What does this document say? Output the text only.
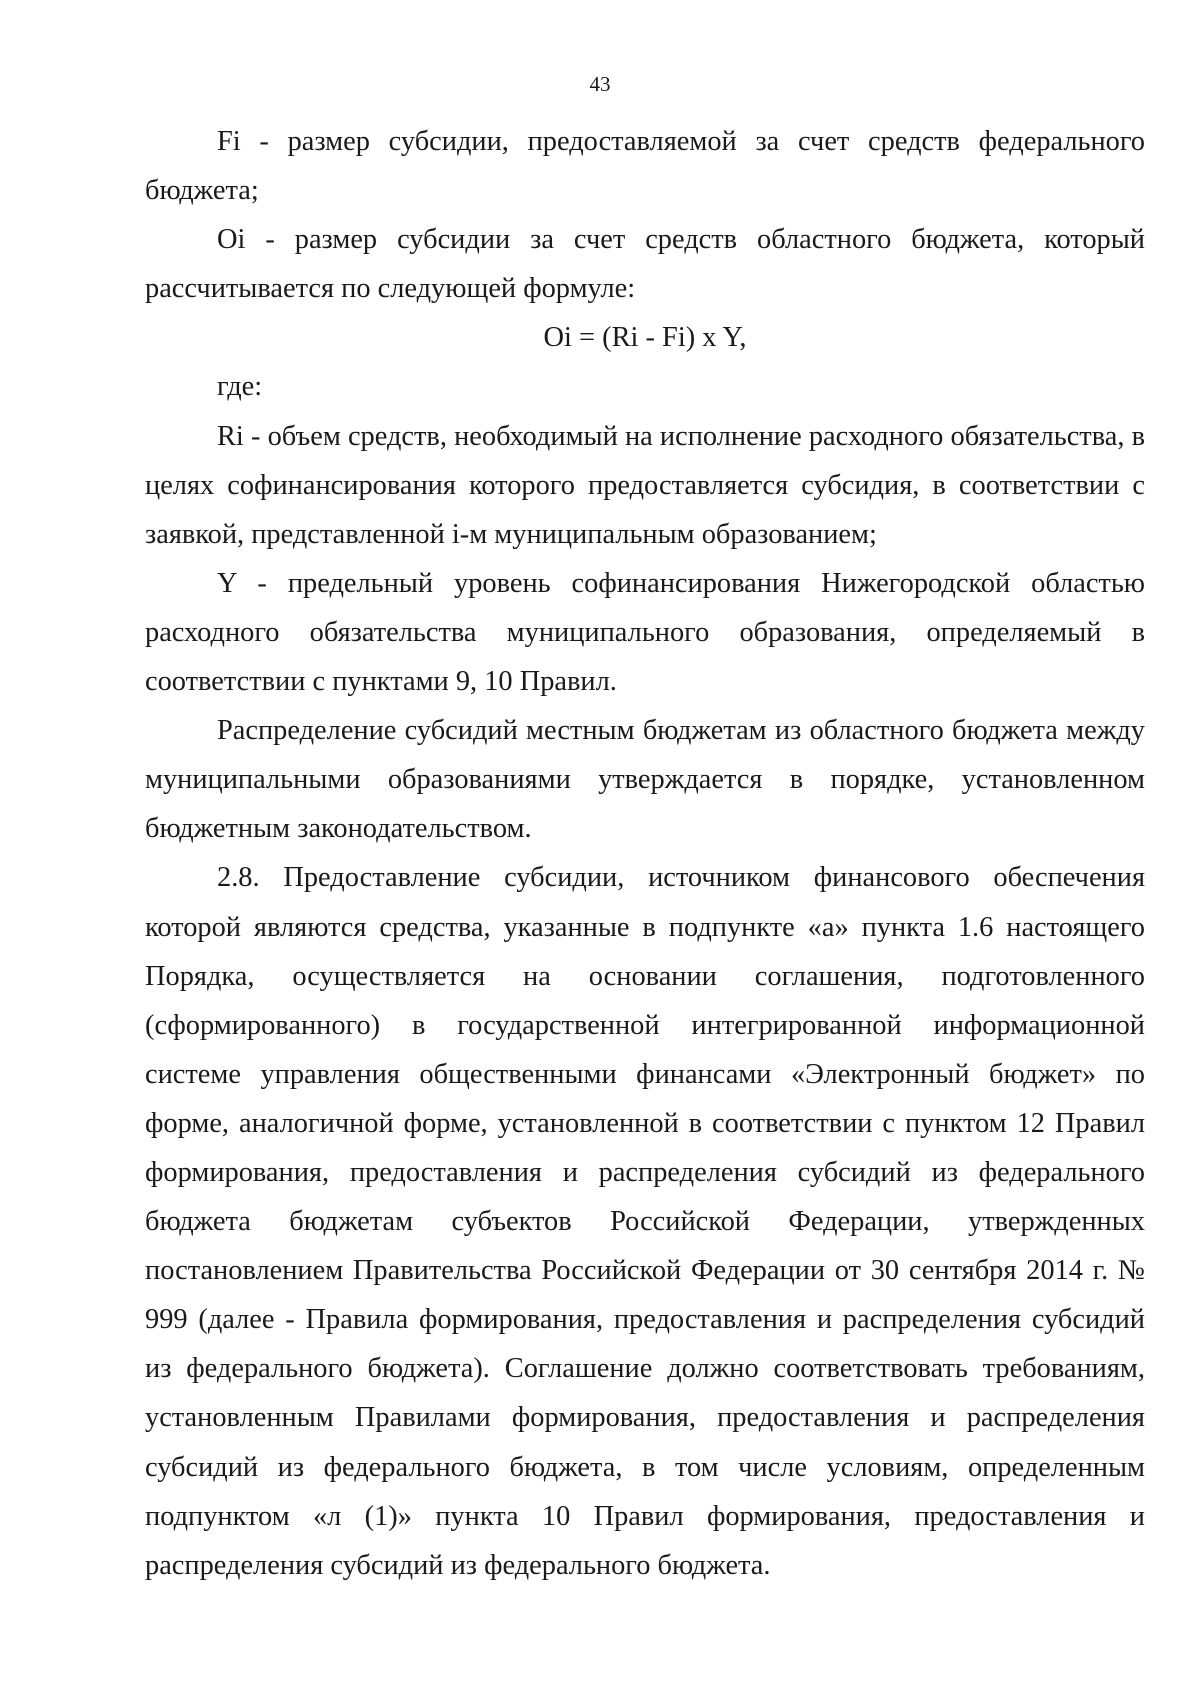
43

Fi - размер субсидии, предоставляемой за счет средств федерального бюджета;

Oi - размер субсидии за счет средств областного бюджета, который рассчитывается по следующей формуле:

Oi = (Ri - Fi) x Y,

где:

Ri - объем средств, необходимый на исполнение расходного обязательства, в целях софинансирования которого предоставляется субсидия, в соответствии с заявкой, представленной i-м муниципальным образованием;

Y - предельный уровень софинансирования Нижегородской областью расходного обязательства муниципального образования, определяемый в соответствии с пунктами 9, 10 Правил.

Распределение субсидий местным бюджетам из областного бюджета между муниципальными образованиями утверждается в порядке, установленном бюджетным законодательством.

2.8. Предоставление субсидии, источником финансового обеспечения которой являются средства, указанные в подпункте «а» пункта 1.6 настоящего Порядка, осуществляется на основании соглашения, подготовленного (сформированного) в государственной интегрированной информационной системе управления общественными финансами «Электронный бюджет» по форме, аналогичной форме, установленной в соответствии с пунктом 12 Правил формирования, предоставления и распределения субсидий из федерального бюджета бюджетам субъектов Российской Федерации, утвержденных постановлением Правительства Российской Федерации от 30 сентября 2014 г. № 999 (далее - Правила формирования, предоставления и распределения субсидий из федерального бюджета). Соглашение должно соответствовать требованиям, установленным Правилами формирования, предоставления и распределения субсидий из федерального бюджета, в том числе условиям, определенным подпунктом «л (1)» пункта 10 Правил формирования, предоставления и распределения субсидий из федерального бюджета.
